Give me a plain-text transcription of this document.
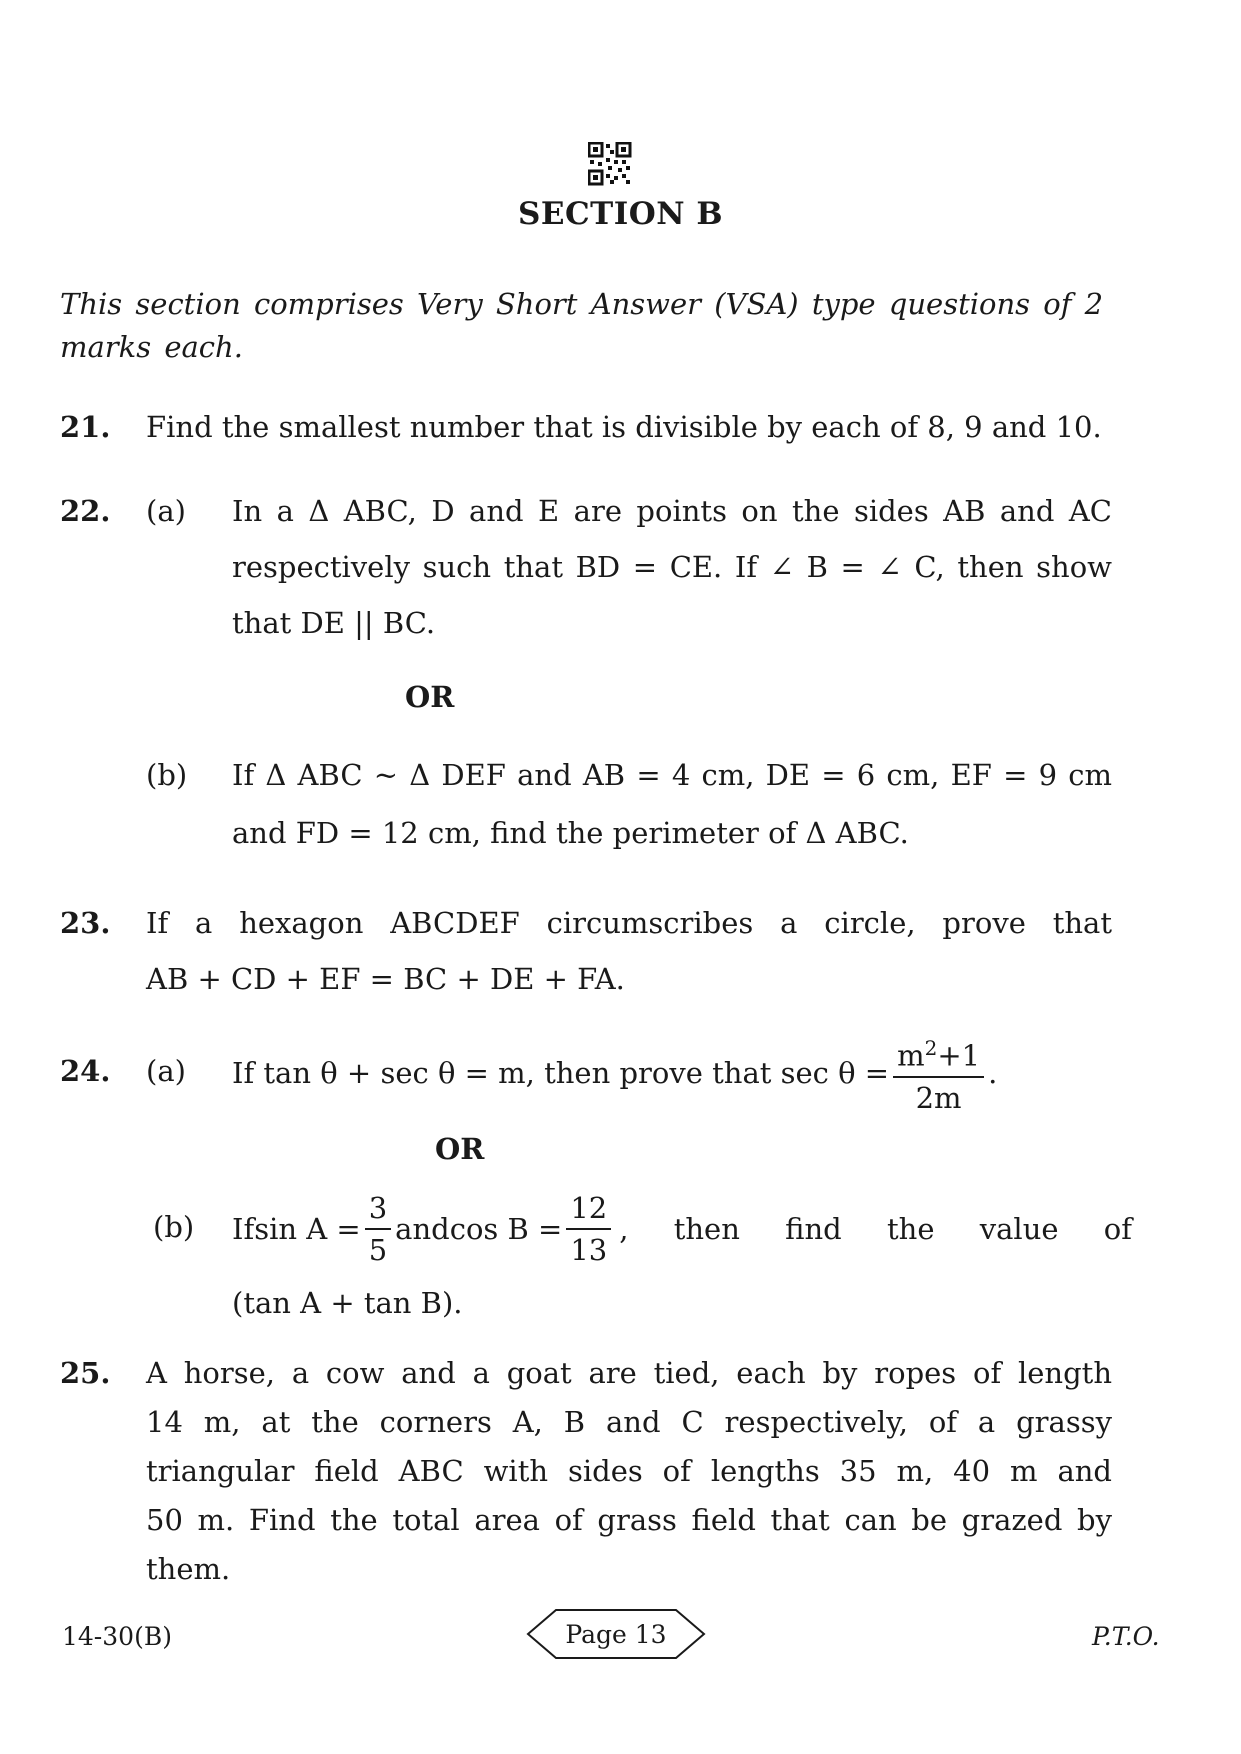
SECTION B
This section comprises Very Short Answer (VSA) type questions of 2 marks each.
21. Find the smallest number that is divisible by each of 8, 9 and 10.
22. (a) In a Δ ABC, D and E are points on the sides AB and AC
respectively such that BD = CE. If ∠ B = ∠ C, then show
that DE || BC.
OR
(b) If Δ ABC ~ Δ DEF and AB = 4 cm, DE = 6 cm, EF = 9 cm
and FD = 12 cm, find the perimeter of Δ ABC.
23. If a hexagon ABCDEF circumscribes a circle, prove that
AB + CD + EF = BC + DE + FA.
24. (a) If tan θ + sec θ = m, then prove that $\sec \theta = \frac{m^2+1}{2m}$ .
OR
(b) If $\sin A = \frac{3}{5}$ and $\cos B = \frac{12}{13}$ , then find the value of
(tan A + tan B).
25. A horse, a cow and a goat are tied, each by ropes of length
14 m, at the corners A, B and C respectively, of a grassy
triangular field ABC with sides of lengths 35 m, 40 m and
50 m. Find the total area of grass field that can be grazed by
them.
14-30(B)	Page 13	P.T.O.
